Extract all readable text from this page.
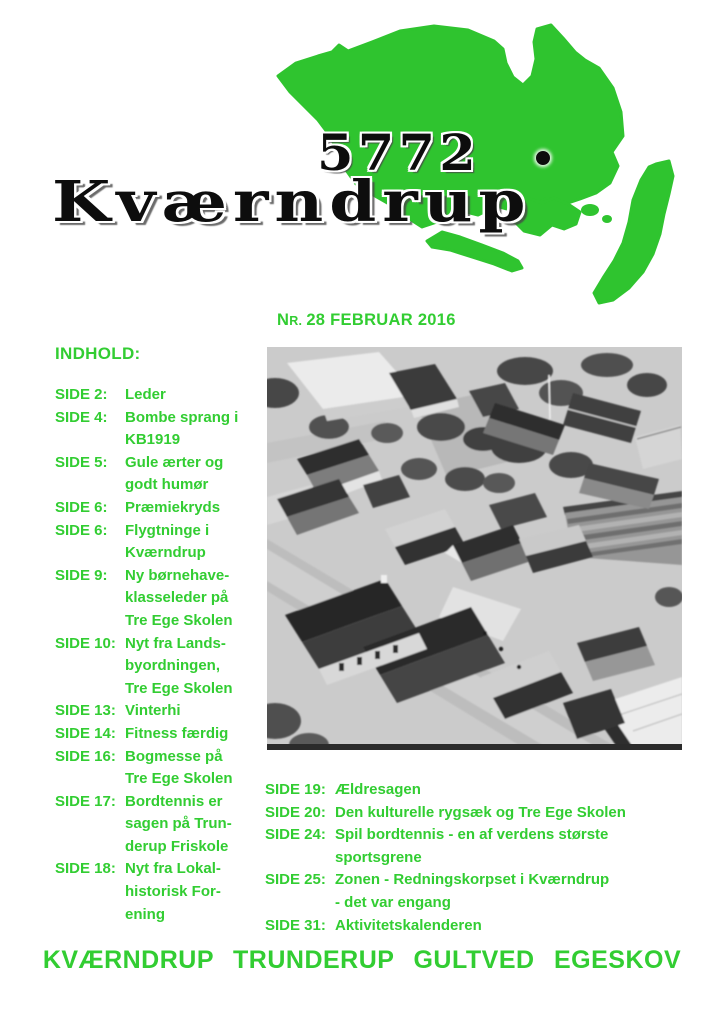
5772
Kværndrup
NR. 28 FEBRUAR 2016
INDHOLD:
SIDE 2:	Leder
SIDE 4:	Bombe sprang i
KB1919
SIDE 5:	Gule ærter og
godt humør
SIDE 6:	Præmiekryds
SIDE 6:	Flygtninge i
Kværndrup
SIDE 9:	Ny børnehave-
klasseleder på
Tre Ege Skolen
SIDE 10: Nyt fra Lands-
byordningen,
Tre Ege Skolen
SIDE 13: Vinterhi
SIDE 14: Fitness færdig
SIDE 16: Bogmesse på
Tre Ege Skolen
SIDE 17: Bordtennis er
sagen på Trun-
derup Friskole
SIDE 18: Nyt fra Lokal-
historisk For-
ening
SIDE 19: Ældresagen
SIDE 20: Den kulturelle rygsæk og Tre Ege Skolen
SIDE 24: Spil bordtennis - en af verdens største
sportsgrene
SIDE 25: Zonen - Redningskorpset i Kværndrup
- det var engang
SIDE 31: Aktivitetskalenderen
KVÆRNDRUP TRUNDERUP GULTVED EGESKOV
